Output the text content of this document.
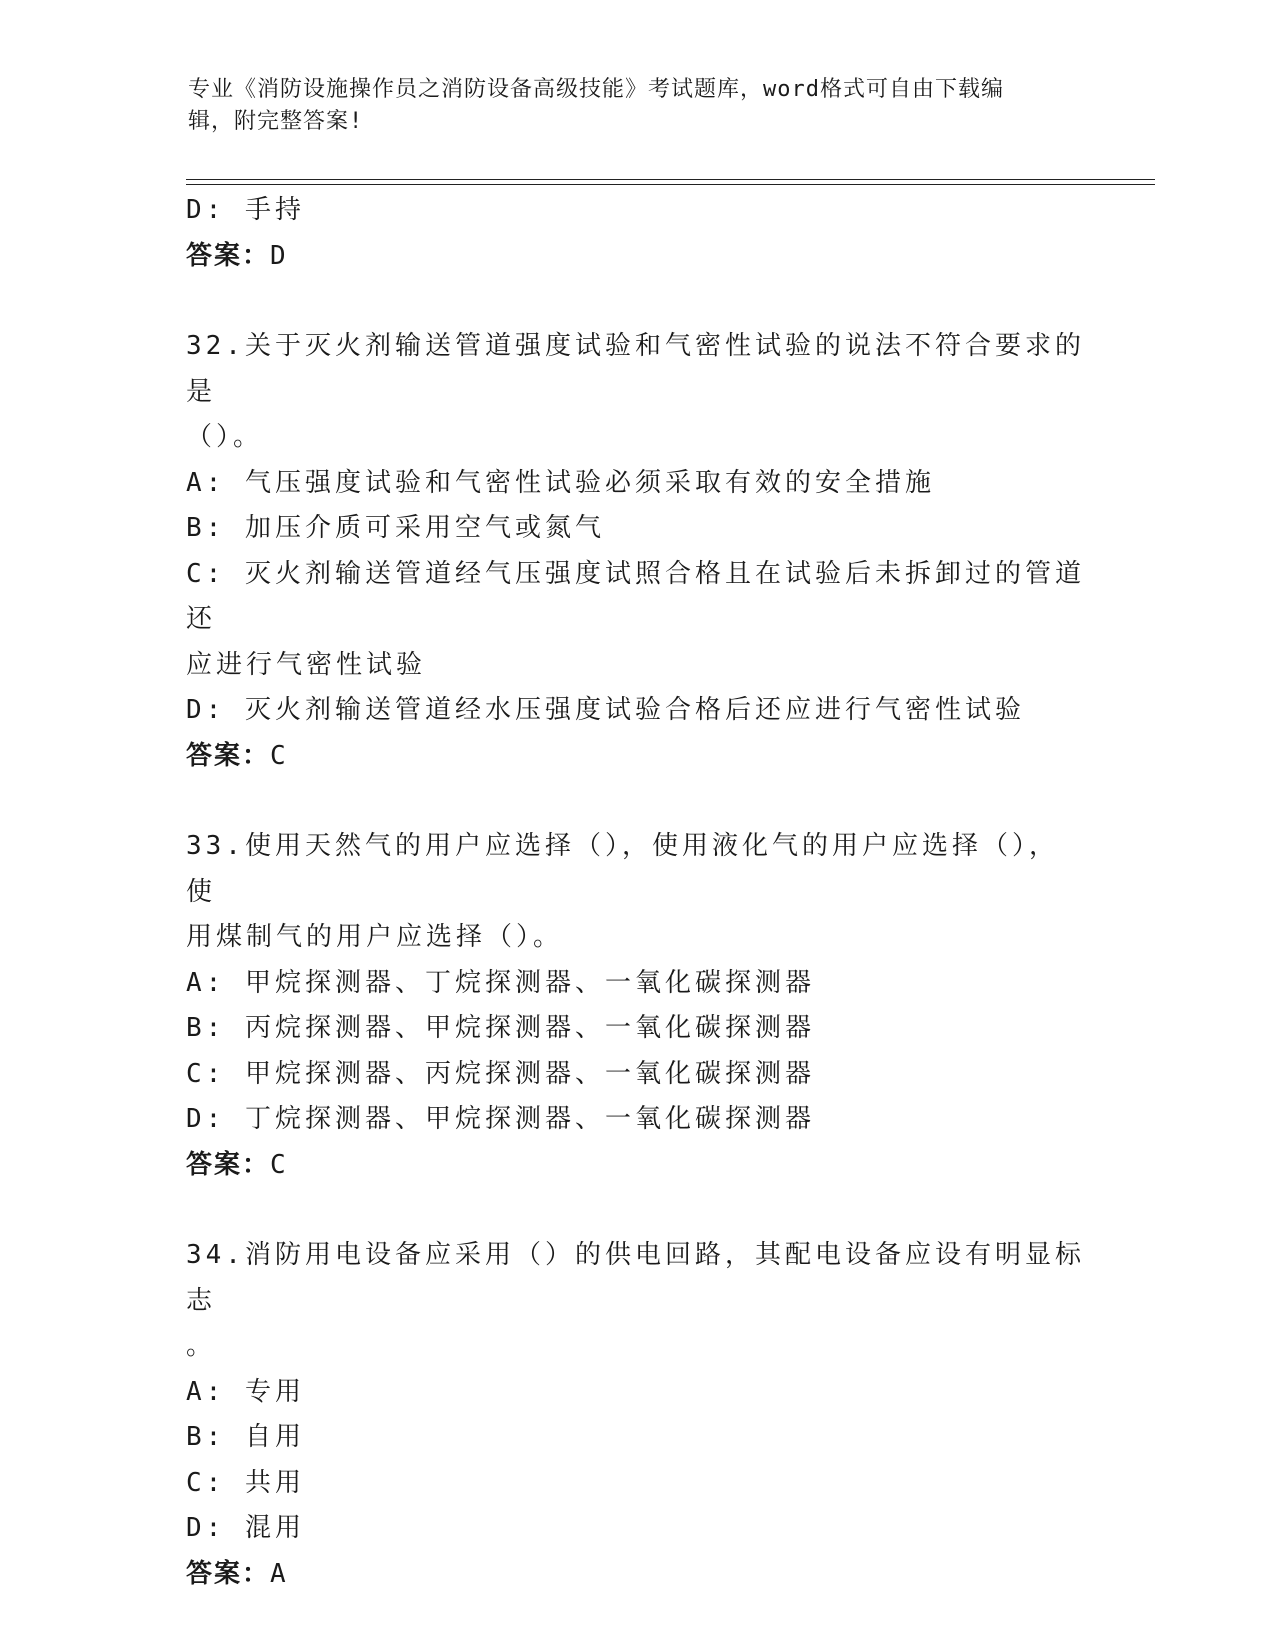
专业《消防设施操作员之消防设备高级技能》考试题库，word格式可自由下载编
辑，附完整答案!
D: 手持
答案：D
32.关于灭火剂输送管道强度试验和气密性试验的说法不符合要求的是
（）。
A: 气压强度试验和气密性试验必须采取有效的安全措施
B: 加压介质可采用空气或氮气
C: 灭火剂输送管道经气压强度试照合格且在试验后未拆卸过的管道还
应进行气密性试验
D: 灭火剂输送管道经水压强度试验合格后还应进行气密性试验
答案：C
33.使用天然气的用户应选择（），使用液化气的用户应选择（），使
用煤制气的用户应选择（）。
A: 甲烷探测器、丁烷探测器、一氧化碳探测器
B: 丙烷探测器、甲烷探测器、一氧化碳探测器
C: 甲烷探测器、丙烷探测器、一氧化碳探测器
D: 丁烷探测器、甲烷探测器、一氧化碳探测器
答案：C
34.消防用电设备应采用（）的供电回路，其配电设备应设有明显标志
。
A: 专用
B: 自用
C: 共用
D: 混用
答案：A
